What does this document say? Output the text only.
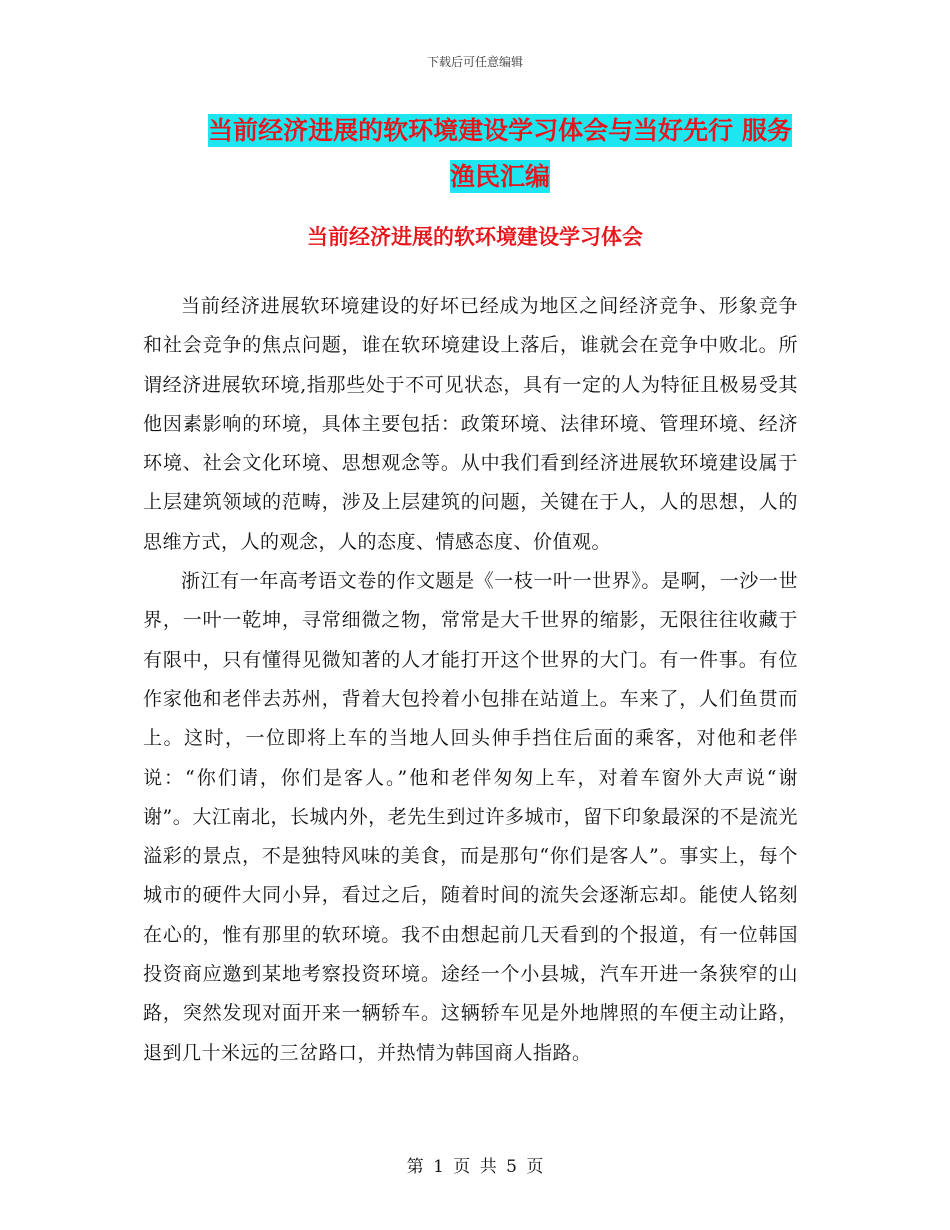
下载后可任意编辑
当前经济进展的软环境建设学习体会与当好先行 服务
渔民汇编
当前经济进展的软环境建设学习体会

当前经济进展软环境建设的好坏已经成为地区之间经济竞争、形象竞争和社会竞争的焦点问题，谁在软环境建设上落后，谁就会在竞争中败北。所谓经济进展软环境,指那些处于不可见状态，具有一定的人为特征且极易受其他因素影响的环境，具体主要包括：政策环境、法律环境、管理环境、经济环境、社会文化环境、思想观念等。从中我们看到经济进展软环境建设属于上层建筑领域的范畴，涉及上层建筑的问题，关键在于人，人的思想，人的思维方式，人的观念，人的态度、情感态度、价值观。

浙江有一年高考语文卷的作文题是《一枝一叶一世界》。是啊，一沙一世界，一叶一乾坤，寻常细微之物，常常是大千世界的缩影，无限往往收藏于有限中，只有懂得见微知著的人才能打开这个世界的大门。有一件事。有位作家他和老伴去苏州，背着大包拎着小包排在站道上。车来了，人们鱼贯而上。这时，一位即将上车的当地人回头伸手挡住后面的乘客，对他和老伴说：“你们请，你们是客人。”他和老伴匆匆上车，对着车窗外大声说“谢谢”。大江南北，长城内外，老先生到过许多城市，留下印象最深的不是流光溢彩的景点，不是独特风味的美食，而是那句“你们是客人”。事实上，每个城市的硬件大同小异，看过之后，随着时间的流失会逐渐忘却。能使人铭刻在心的，惟有那里的软环境。我不由想起前几天看到的个报道，有一位韩国投资商应邀到某地考察投资环境。途经一个小县城，汽车开进一条狭窄的山路，突然发现对面开来一辆轿车。这辆轿车见是外地牌照的车便主动让路，退到几十米远的三岔路口，并热情为韩国商人指路。

第 1 页 共 5 页
